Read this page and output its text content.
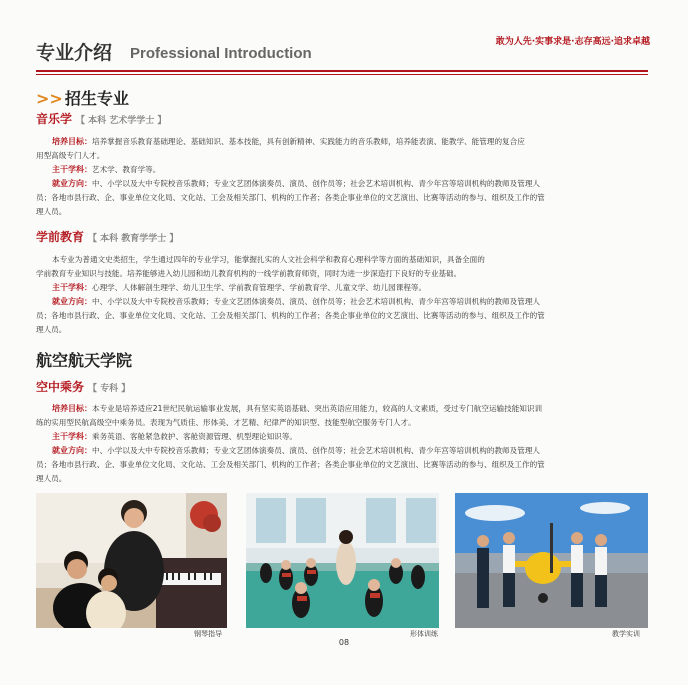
专业介绍 Professional Introduction
敢为人先·实事求是·志存高远·追求卓越
>> 招生专业
音乐学 【 本科 艺术学学士 】
培养目标：培养掌握音乐教育基础理论、基础知识、基本技能，具有创新精神、实践能力的音乐教师，培养能表演、能教学、能管理的复合应
用型高级专门人才。
主干学科：艺术学、教育学等。
就业方向：中、小学以及大中专院校音乐教师；专业文艺团体演奏员、演员、创作员等；社会艺术培训机构、青少年宫等培训机构的教师及管理人
员；各地市县行政、企、事业单位文化局、文化站、工会及相关部门、机构的工作者；各类企事业单位的文艺演出、比赛等活动的参与、组织及工作的管
理人员。
学前教育 【 本科 教育学学士 】
本专业为普通文史类招生，学生通过四年的专业学习，能掌握扎实的人文社会科学和教育心理科学等方面的基础知识，具备全面的
学前教育专业知识与技能。培养能够进入幼儿园和幼儿教育机构的一线学前教育师资，同时为进一步深造打下良好的专业基础。
主干学科：心理学、人体解剖生理学、幼儿卫生学、学前教育管理学、学前教育学、儿童文学、幼儿园课程等。
就业方向：中、小学以及大中专院校音乐教师；专业文艺团体演奏员、演员、创作员等；社会艺术培训机构、青少年宫等培训机构的教师及管理人
员；各地市县行政、企、事业单位文化局、文化站、工会及相关部门、机构的工作者；各类企事业单位的文艺演出、比赛等活动的参与、组织及工作的管
理人员。
航空航天学院
空中乘务 【 专科 】
培养目标：本专业是培养适应21世纪民航运输事业发展，具有坚实英语基础、突出英语应用能力，较高的人文素质，受过专门航空运输技能知识训
练的实用型民航高级空中乘务员。表现为气质佳、形体美、才艺精、纪律严的知识型、技能型航空服务专门人才。
主干学科：乘务英语、客舱紧急救护、客舱资源管理、机型理论知识等。
就业方向：中、小学以及大中专院校音乐教师；专业文艺团体演奏员、演员、创作员等；社会艺术培训机构、青少年宫等培训机构的教师及管理人
员；各地市县行政、企、事业单位文化局、文化站、工会及相关部门、机构的工作者；各类企事业单位的文艺演出、比赛等活动的参与、组织及工作的管
理人员。
钢琴指导	形体训练	教学实训
08
